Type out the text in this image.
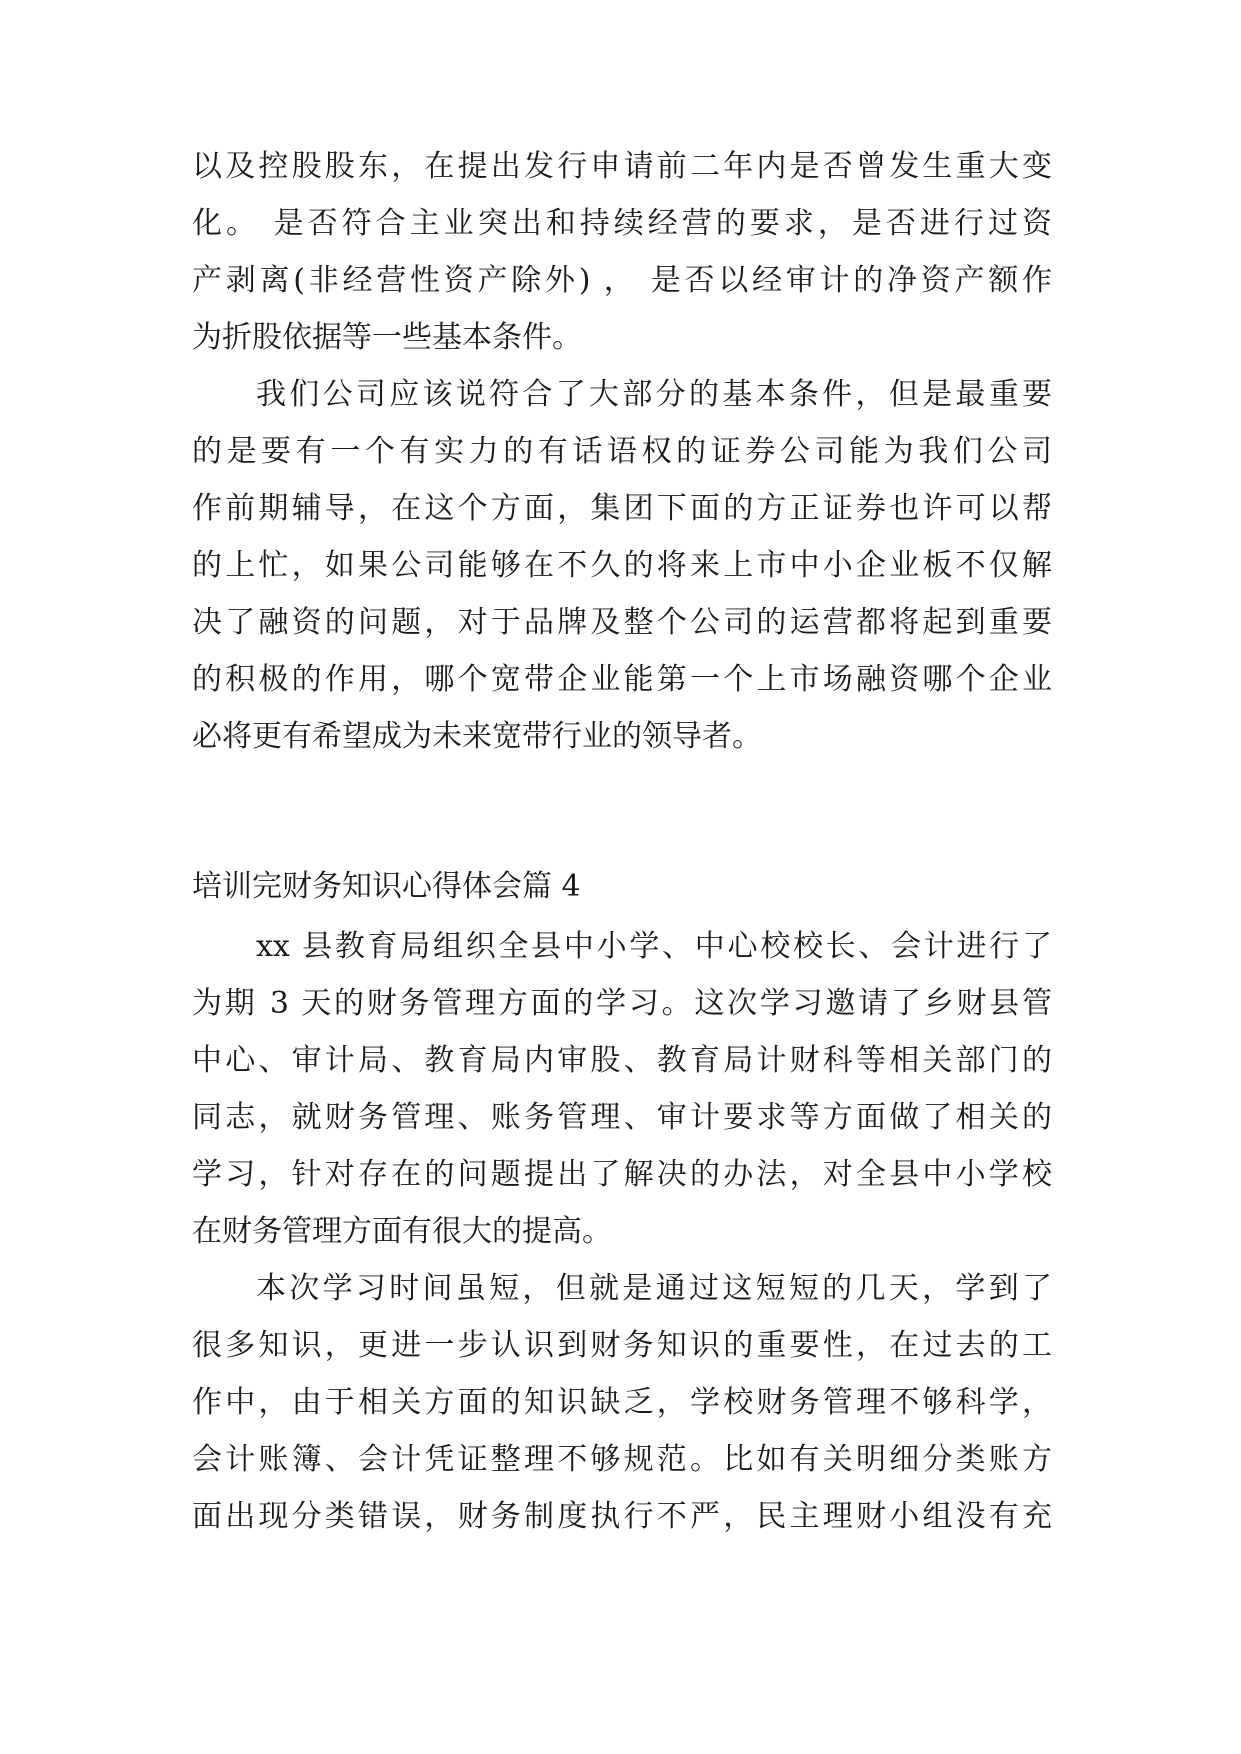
以及控股股东，在提出发行申请前二年内是否曾发生重大变
化。 是否符合主业突出和持续经营的要求，是否进行过资
产剥离(非经营性资产除外) ， 是否以经审计的净资产额作
为折股依据等一些基本条件。
我们公司应该说符合了大部分的基本条件，但是最重要
的是要有一个有实力的有话语权的证券公司能为我们公司
作前期辅导，在这个方面，集团下面的方正证券也许可以帮
的上忙，如果公司能够在不久的将来上市中小企业板不仅解
决了融资的问题，对于品牌及整个公司的运营都将起到重要
的积极的作用，哪个宽带企业能第一个上市场融资哪个企业
必将更有希望成为未来宽带行业的领导者。
培训完财务知识心得体会篇 4
xx 县教育局组织全县中小学、中心校校长、会计进行了
为期 3 天的财务管理方面的学习。这次学习邀请了乡财县管
中心、审计局、教育局内审股、教育局计财科等相关部门的
同志，就财务管理、账务管理、审计要求等方面做了相关的
学习，针对存在的问题提出了解决的办法，对全县中小学校
在财务管理方面有很大的提高。
本次学习时间虽短，但就是通过这短短的几天，学到了
很多知识，更进一步认识到财务知识的重要性，在过去的工
作中，由于相关方面的知识缺乏，学校财务管理不够科学，
会计账簿、会计凭证整理不够规范。比如有关明细分类账方
面出现分类错误，财务制度执行不严，民主理财小组没有充
